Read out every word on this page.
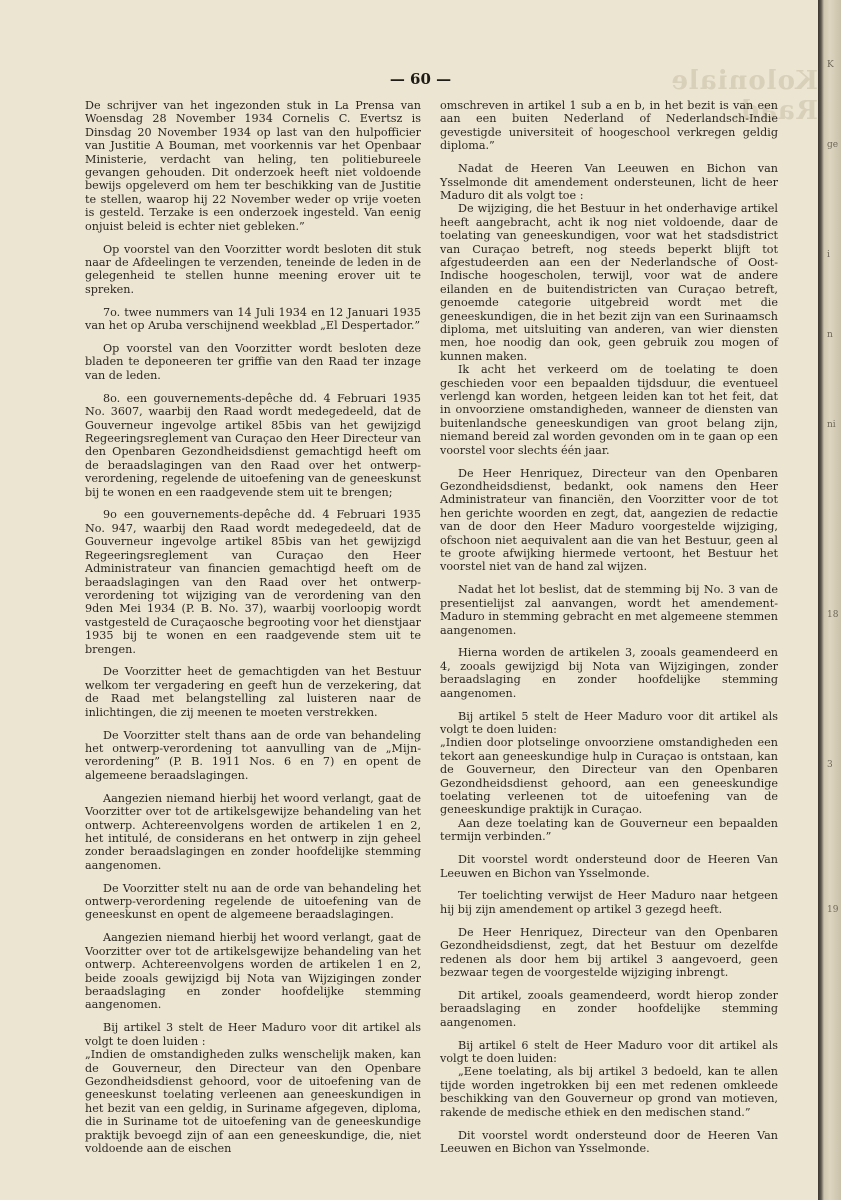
Koloniale Raad.
— 60 —

De schrijver van het ingezonden stuk in La Prensa van Woensdag 28 November 1934 Cornelis C. Evertsz is Dinsdag 20 November 1934 op last van den hulpofficier van Justitie A Bouman, met voorkennis var het Openbaar Ministerie, verdacht van heling, ten politiebureele gevangen gehouden. Dit onderzoek heeft niet voldoende bewijs opgeleverd om hem ter beschikking van de Justitie te stellen, waarop hij 22 November weder op vrije voeten is gesteld. Terzake is een onderzoek ingesteld. Van eenig onjuist beleid is echter niet gebleken.”

Op voorstel van den Voorzitter wordt besloten dit stuk naar de Afdeelingen te verzenden, teneinde de leden in de gelegenheid te stellen hunne meening erover uit te spreken.

7o. twee nummers van 14 Juli 1934 en 12 Januari 1935 van het op Aruba verschijnend weekblad „El Despertador.”

Op voorstel van den Voorzitter wordt besloten deze bladen te deponeeren ter griffie van den Raad ter inzage van de leden.

8o. een gouvernements-depêche dd. 4 Februari 1935 No. 3607, waarbij den Raad wordt medegedeeld, dat de Gouverneur ingevolge artikel 85bis van het gewijzigd Regeeringsreglement van Curaçao den Heer Directeur van den Openbaren Gezondheidsdienst gemachtigd heeft om de beraadslagingen van den Raad over het ontwerp-verordening, regelende de uitoefening van de geneeskunst bij te wonen en een raadgevende stem uit te brengen;

9o een gouvernements-depêche dd. 4 Februari 1935 No. 947, waarbij den Raad wordt medegedeeld, dat de Gouverneur ingevolge artikel 85bis van het gewijzigd Regeeringsreglement van Curaçao den Heer Administrateur van financien gemachtigd heeft om de beraadslagingen van den Raad over het ontwerp-verordening tot wijziging van de verordening van den 9den Mei 1934 (P. B. No. 37), waarbij voorloopig wordt vastgesteld de Curaçaosche begrooting voor het dienstjaar 1935 bij te wonen en een raadgevende stem uit te brengen.

De Voorzitter heet de gemachtigden van het Bestuur welkom ter vergadering en geeft hun de verzekering, dat de Raad met belangstelling zal luisteren naar de inlichtingen, die zij meenen te moeten verstrekken.

De Voorzitter stelt thans aan de orde van behandeling het ontwerp-verordening tot aanvulling van de „Mijn-verordening” (P. B. 1911 Nos. 6 en 7) en opent de algemeene beraadslagingen.

Aangezien niemand hierbij het woord verlangt, gaat de Voorzitter over tot de artikelsgewijze behandeling van het ontwerp. Achtereenvolgens worden de artikelen 1 en 2, het intitulé, de considerans en het ontwerp in zijn geheel zonder beraadslagingen en zonder hoofdelijke stemming aangenomen.

De Voorzitter stelt nu aan de orde van behandeling het ontwerp-verordening regelende de uitoefening van de geneeskunst en opent de algemeene beraadslagingen.

Aangezien niemand hierbij het woord verlangt, gaat de Voorzitter over tot de artikelsgewijze behandeling van het ontwerp. Achtereenvolgens worden de artikelen 1 en 2, beide zooals gewijzigd bij Nota van Wijzigingen zonder beraadslaging en zonder hoofdelijke stemming aangenomen.

Bij artikel 3 stelt de Heer Maduro voor dit artikel als volgt te doen luiden :

„Indien de omstandigheden zulks wenschelijk maken, kan de Gouverneur, den Directeur van den Openbare Gezondheidsdienst gehoord, voor de uitoefening van de geneeskunst toelating verleenen aan geneeskundigen in het bezit van een geldig, in Suriname afgegeven, diploma, die in Suriname tot de uitoefening van de geneeskundige praktijk bevoegd zijn of aan een geneeskundige, die, niet voldoende aan de eischen

omschreven in artikel 1 sub a en b, in het bezit is van een aan een buiten Nederland of Nederlandsch-Indie gevestigde universiteit of hoogeschool verkregen geldig diploma.”

Nadat de Heeren Van Leeuwen en Bichon van Ysselmonde dit amendement ondersteunen, licht de heer Maduro dit als volgt toe :

De wijziging, die het Bestuur in het onderhavige artikel heeft aangebracht, acht ik nog niet voldoende, daar de toelating van geneeskundigen, voor wat het stadsdistrict van Curaçao betreft, nog steeds beperkt blijft tot afgestudeerden aan een der Nederlandsche of Oost-Indische hoogescholen, terwijl, voor wat de andere eilanden en de buitendistricten van Curaçao betreft, genoemde categorie uitgebreid wordt met die geneeskundigen, die in het bezit zijn van een Surinaamsch diploma, met uitsluiting van anderen, van wier diensten men, hoe noodig dan ook, geen gebruik zou mogen of kunnen maken.

Ik acht het verkeerd om de toelating te doen geschieden voor een bepaalden tijdsduur, die eventueel verlengd kan worden, hetgeen leiden kan tot het feit, dat in onvoorziene omstandigheden, wanneer de diensten van buitenlandsche geneeskundigen van groot belang zijn, niemand bereid zal worden gevonden om in te gaan op een voorstel voor slechts één jaar.

De Heer Henriquez, Directeur van den Openbaren Gezondheidsdienst, bedankt, ook namens den Heer Administrateur van financiën, den Voorzitter voor de tot hen gerichte woorden en zegt, dat, aangezien de redactie van de door den Heer Maduro voorgestelde wijziging, ofschoon niet aequivalent aan die van het Bestuur, geen al te groote afwijking hiermede vertoont, het Bestuur het voorstel niet van de hand zal wijzen.

Nadat het lot beslist, dat de stemming bij No. 3 van de presentielijst zal aanvangen, wordt het amendement-Maduro in stemming gebracht en met algemeene stemmen aangenomen.

Hierna worden de artikelen 3, zooals geamendeerd en 4, zooals gewijzigd bij Nota van Wijzigingen, zonder beraadslaging en zonder hoofdelijke stemming aangenomen.

Bij artikel 5 stelt de Heer Maduro voor dit artikel als volgt te doen luiden:

„Indien door plotselinge onvoorziene omstandigheden een tekort aan geneeskundige hulp in Curaçao is ontstaan, kan de Gouverneur, den Directeur van den Openbaren Gezondheidsdienst gehoord, aan een geneeskundige toelating verleenen tot de uitoefening van de geneeskundige praktijk in Curaçao.

Aan deze toelating kan de Gouverneur een bepaalden termijn verbinden.”

Dit voorstel wordt ondersteund door de Heeren Van Leeuwen en Bichon van Ysselmonde.

Ter toelichting verwijst de Heer Maduro naar hetgeen hij bij zijn amendement op artikel 3 gezegd heeft.

De Heer Henriquez, Directeur van den Openbaren Gezondheidsdienst, zegt, dat het Bestuur om dezelfde redenen als door hem bij artikel 3 aangevoerd, geen bezwaar tegen de voorgestelde wijziging inbrengt.

Dit artikel, zooals geamendeerd, wordt hierop zonder beraadslaging en zonder hoofdelijke stemming aangenomen.

Bij artikel 6 stelt de Heer Maduro voor dit artikel als volgt te doen luiden:

„Eene toelating, als bij artikel 3 bedoeld, kan te allen tijde worden ingetrokken bij een met redenen omkleede beschikking van den Gouverneur op grond van motieven, rakende de medische ethiek en den medischen stand.”

Dit voorstel wordt ondersteund door de Heeren Van Leeuwen en Bichon van Ysselmonde.

K
ge
i
n
ni
18
3
19
